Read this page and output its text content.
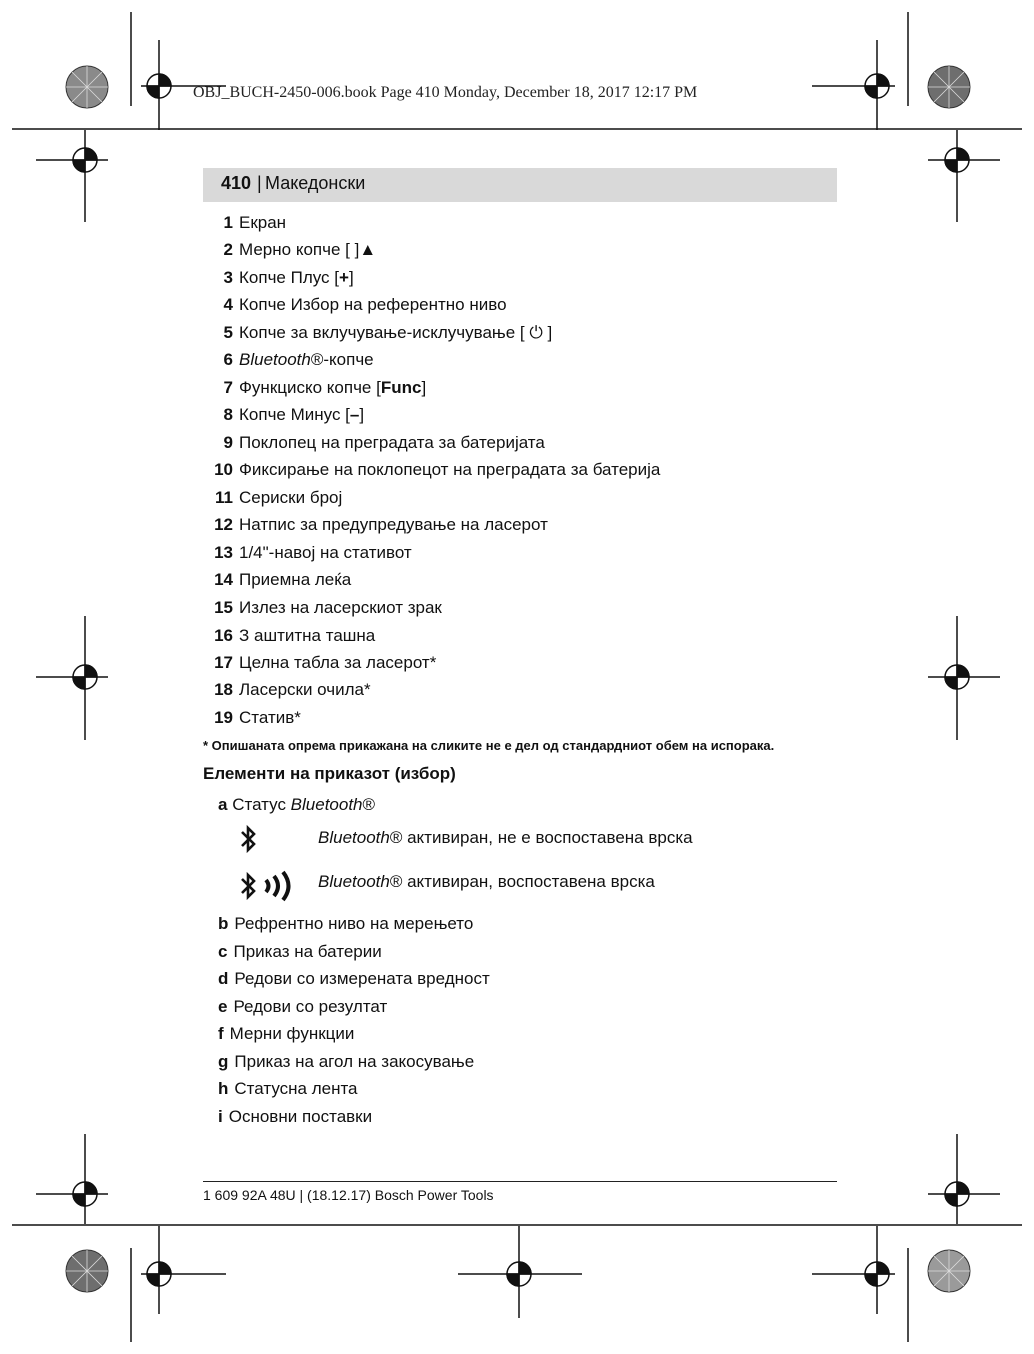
OBJ_BUCH-2450-006.book Page 410 Monday, December 18, 2017 12:17 PM
410 | Македонски
1 Екран
2 Мерно копче [ ]▲
3 Копче Плус [+]
4 Копче Избор на референтно ниво
5 Копче за вклучување-исклучување [ ⏻ ]
6 Bluetooth®-копче
7 Функциско копче [Func]
8 Копче Минус [–]
9 Поклопец на преградата за батеријата
10 Фиксирање на поклопецот на преградата за батерија
11 Сериски број
12 Натпис за предупредување на ласерот
13 1/4"-навој на стативот
14 Приемна леќа
15 Излез на ласерскиот зрак
16 З аштитна ташна
17 Целна табла за ласерот*
18 Ласерски очила*
19 Статив*
* Опишаната опрема прикажана на сликите не е дел од стандардниот обем на испорака.
Елементи на приказот (избор)
a Статус Bluetooth®
Bluetooth® активиран, не е воспоставена врска
Bluetooth® активиран, воспоставена врска
b Рефрентно ниво на мерењето
c Приказ на батерии
d Редови со измерената вредност
e Редови со резултат
f Мерни функции
g Приказ на агол на закосување
h Статусна лента
i Основни поставки
1 609 92A 48U | (18.12.17) Bosch Power Tools
